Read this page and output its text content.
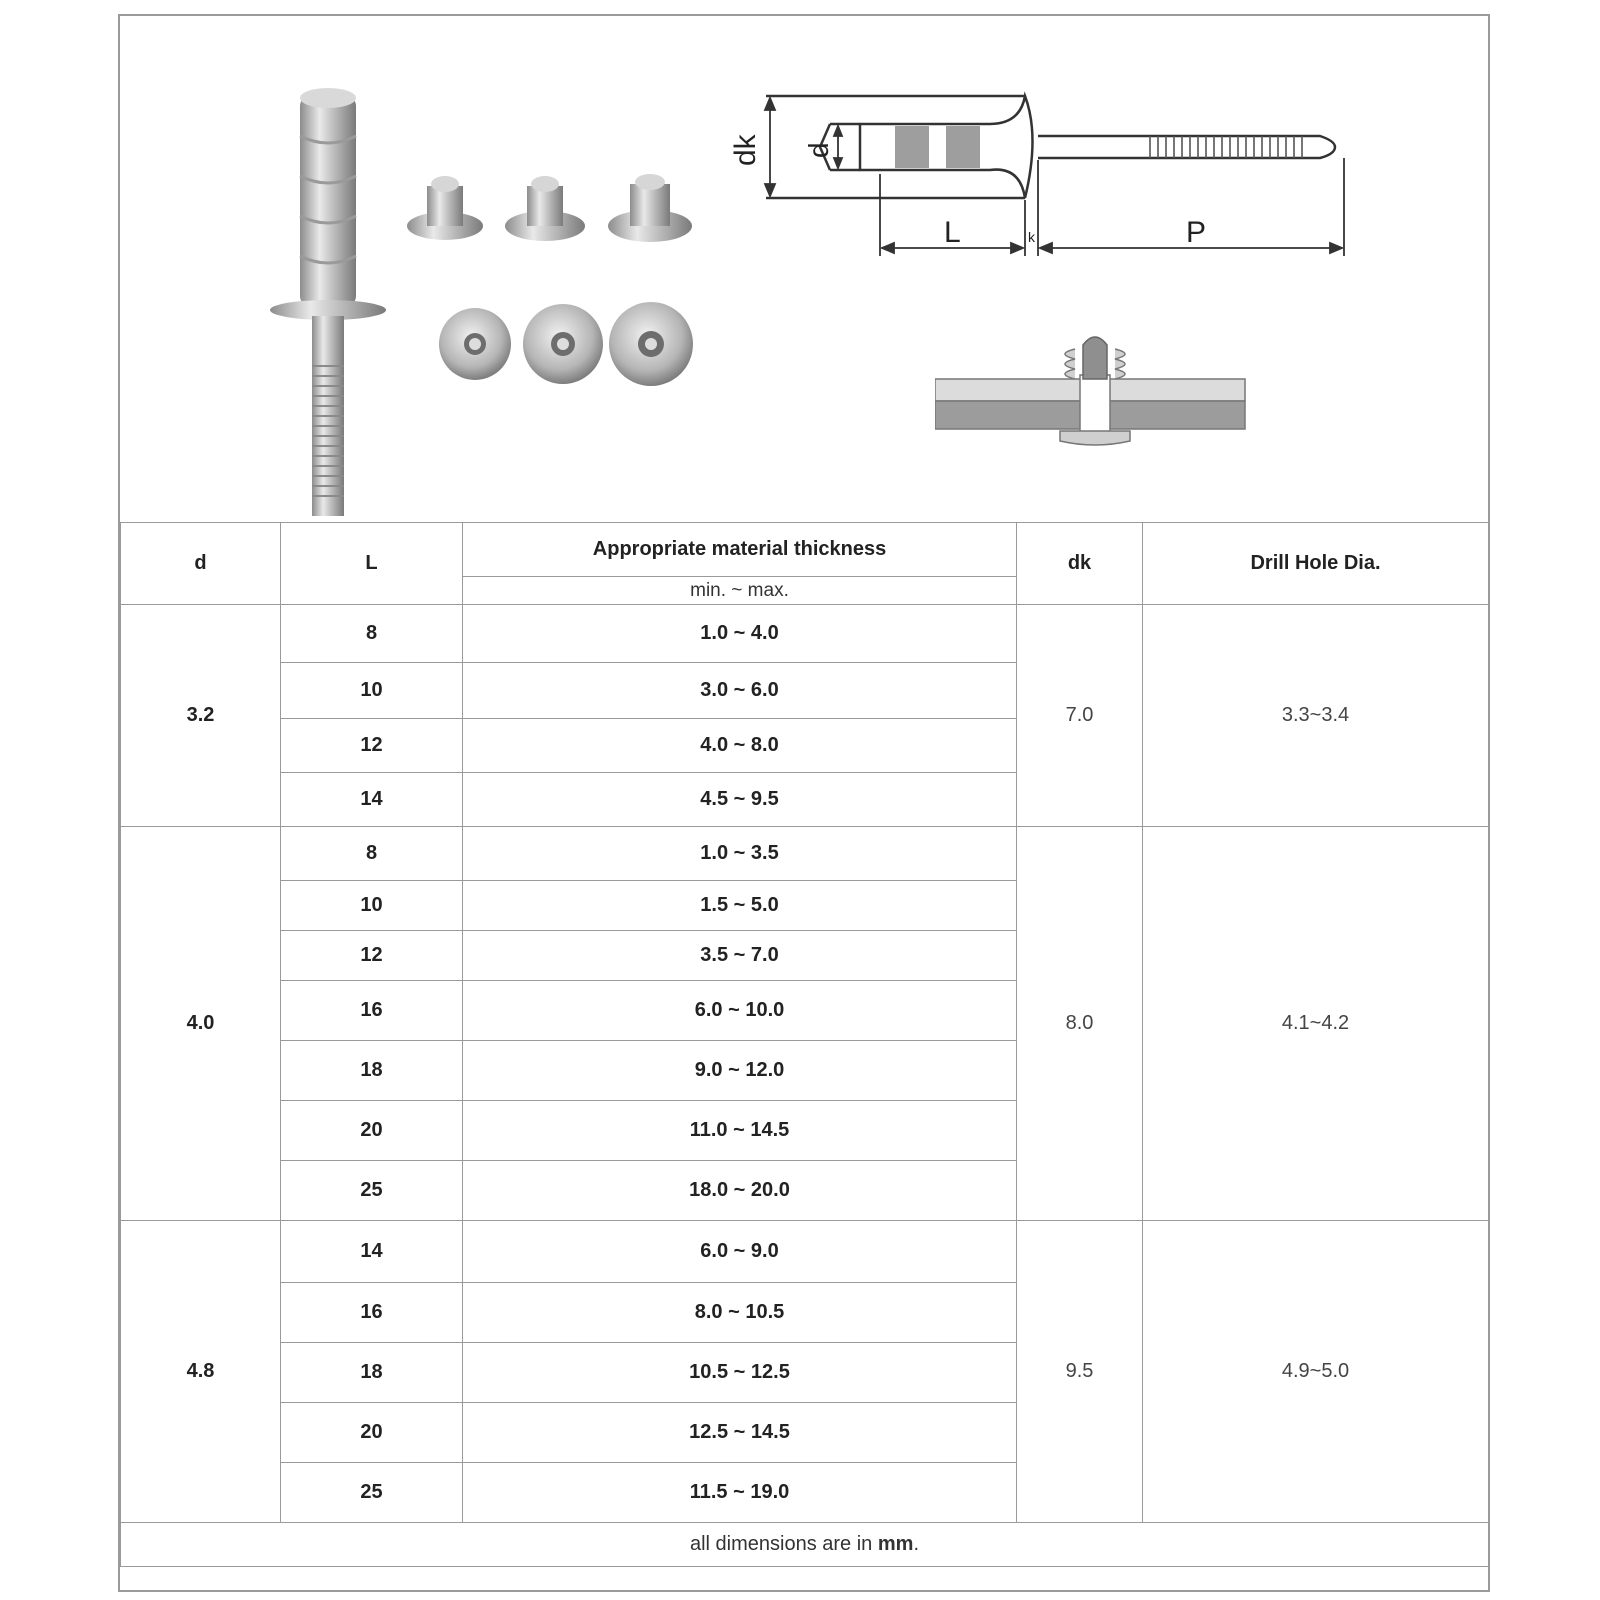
dk d
L	k	P
d	L	Appropriate material thickness	dk	Drill Hole Dia.
		min. ~ max.		
3.2	8	1.0 ~ 4.0	7.0	3.3~3.4
	10	3.0 ~ 6.0		
	12	4.0 ~ 8.0		
	14	4.5 ~ 9.5		
4.0	8	1.0 ~ 3.5	8.0	4.1~4.2
	10	1.5 ~ 5.0		
	12	3.5 ~ 7.0		
	16	6.0 ~ 10.0		
	18	9.0 ~ 12.0		
	20	11.0 ~ 14.5		
	25	18.0 ~ 20.0		
4.8	14	6.0 ~ 9.0	9.5	4.9~5.0
	16	8.0 ~ 10.5		
	18	10.5 ~ 12.5		
	20	12.5 ~ 14.5		
	25	11.5 ~ 19.0		
all dimensions are in mm.				
